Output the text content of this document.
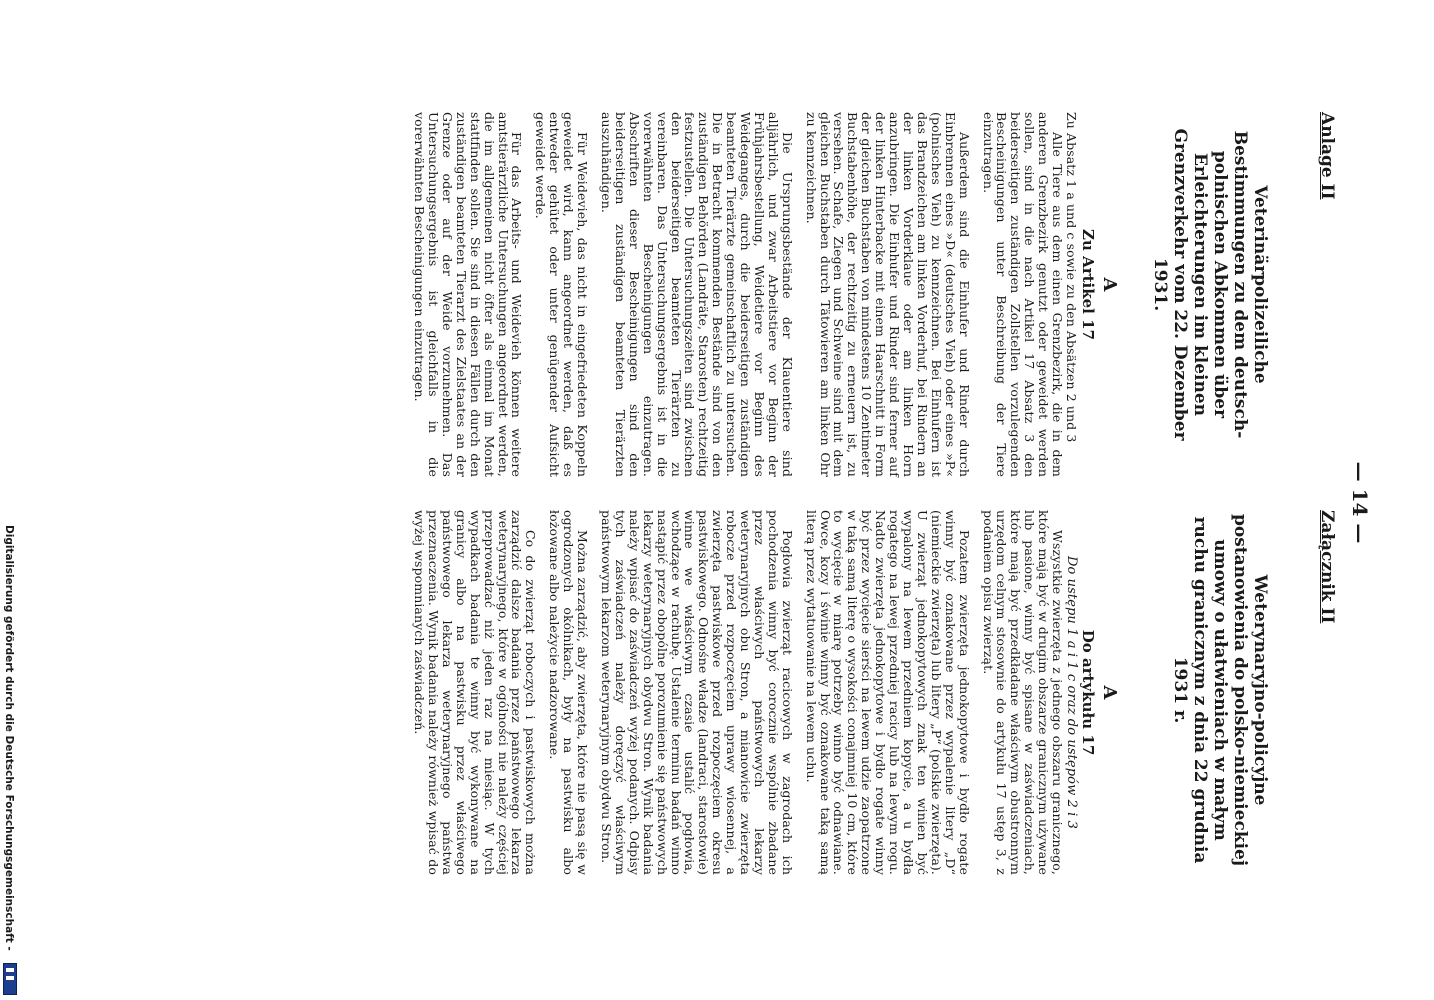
— 14 —
Anlage II
Veterinärpolizeiliche Bestimmungen zu dem deutsch-polnischen Abkommen über Erleichterungen im kleinen Grenzverkehr vom 22. Dezember 1931.
A
Zu Artikel 17

Zu Absatz 1 a und c sowie zu den Absätzen 2 und 3

Alle Tiere aus dem einen Grenzbezirk, die in dem anderen Grenzbezirk genutzt oder geweidet werden sollen, sind in die nach Artikel 17 Absatz 3 den beiderseitigen zuständigen Zollstellen vorzulegenden Bescheinigungen unter Beschreibung der Tiere einzutragen.

Außerdem sind die Einhufer und Rinder durch Einbrennen eines »D« (deutsches Vieh) oder eines »P« (polnisches Vieh) zu kennzeichnen. Bei Einhufern ist das Brandzeichen am linken Vorderhuf, bei Rindern an der linken Vorderklaue oder am linken Horn anzubringen. Die Einhufer und Rinder sind ferner auf der linken Hinterbacke mit einem Haarschnitt in Form der gleichen Buchstaben von mindestens 10 Zentimeter Buchstabenhöhe, der rechtzeitig zu erneuern ist, zu versehen. Schafe, Ziegen und Schweine sind mit dem gleichen Buchstaben durch Tätowieren am linken Ohr zu kennzeichnen.

Die Ursprungsbestände der Klauentiere sind alljährlich, und zwar Arbeitstiere vor Beginn der Frühjahrsbestellung, Weidetiere vor Beginn des Weideganges, durch die beiderseitigen zuständigen beamteten Tierärzte gemeinschaftlich zu untersuchen. Die in Betracht kommenden Bestände sind von den zuständigen Behörden (Landräte, Starosten) rechtzeitig festzustellen. Die Untersuchungszeiten sind zwischen den beiderseitigen beamteten Tierärzten zu vereinbaren. Das Untersuchungsergebnis ist in die vorerwähnten Bescheinigungen einzutragen. Abschriften dieser Bescheinigungen sind den beiderseitigen zuständigen beamteten Tierärzten auszuhändigen.

Für Weidevieh, das nicht in eingefriedeten Koppeln geweidet wird, kann angeordnet werden, daß es entweder gehütet oder unter genügender Aufsicht geweidet werde.

Für das Arbeits- und Weidevieh können weitere amtstierärztliche Untersuchungen angeordnet werden, die im allgemeinen nicht öfter als einmal im Monat stattfinden sollen. Sie sind in diesen Fällen durch den zuständigen beamteten Tierarzt des Zielstaates an der Grenze oder auf der Weide vorzunehmen. Das Untersuchungsergebnis ist gleichfalls in die vorerwähnten Bescheinigungen einzutragen.

Załącznik II
Weterynaryjno-policyjne postanowienia do polsko-niemieckiej umowy o ułatwieniach w małym ruchu granicznym z dnia 22 grudnia 1931 r.
A
Do artykułu 17

Do ustępu 1 a i 1 c oraz do ustępów 2 i 3

Wszystkie zwierzęta z jednego obszaru granicznego, które mają być w drugim obszarze granicznym używane lub pasione, winny być spisane w zaświadczeniach, które mają być przedkładane właściwym obustronnym urzędom celnym stosownie do artykułu 17 ustęp 3, z podaniem opisu zwierząt.

Pozatem zwierzęta jednokopytowe i bydło rogate winny być oznakowane przez wypalenie litery „D“ (niemieckie zwierzęta) lub litery „P“ (polskie zwierzęta). U zwierząt jednokopytowych znak ten winien być wypalony na lewem przedniem kopycie, a u bydła rogatego na lewej przedniej racicy lub na lewym rogu. Nadto zwierzęta jednokopytowe i bydło rogate winny być przez wycięcie sierści na lewem udzie zaopatrzone w taką samą literę o wysokości conajmniej 10 cm, które to wycięcie w miarę potrzeby winno być odnawiane. Owce, kozy i świnie winny być oznakowane taką samą literą przez wytatuowanie na lewem uchu.

Pogłowia zwierząt racicowych w zagrodach ich pochodzenia winny być corocznie wspólnie zbadane przez właściwych państwowych lekarzy weterynaryjnych obu Stron, a mianowicie zwierzęta robocze przed rozpoczęciem uprawy wiosennej, a zwierzęta pastwiskowe przed rozpoczęciem okresu pastwiskowego. Odnośne władze (landraci, starostowie) winne we właściwym czasie ustalić pogłowia, wchodzące w rachubę. Ustalenie terminu badań winno nastąpić przez obopólne porozumienie się państwowych lekarzy weterynaryjnych obydwu Stron. Wynik badania należy wpisać do zaświadczeń wyżej podanych. Odpisy tych zaświadczeń należy doręczyć właściwym państwowym lekarzom weterynaryjnym obydwu Stron.

Można zarządzić, aby zwierzęta, które nie pasą się w ogrodzonych okólnikach, były na pastwisku albo łożowane albo należycie nadzorowane.

Co do zwierząt roboczych i pastwiskowych można zarządzić dalsze badania przez państwowego lekarza weterynaryjnego, które w ogólności nie należy częściej przeprowadzać niż jeden raz na miesiąc. W tych wypadkach badania te winny być wykonywane na granicy albo na pastwisku przez właściwego państwowego lekarza weterynaryjnego państwa przeznaczenia. Wynik badania należy również wpisać do wyżej wspomnianych zaświadczeń.

Digitalisierung gefördert durch die Deutsche Forschungsgemeinschaft -
